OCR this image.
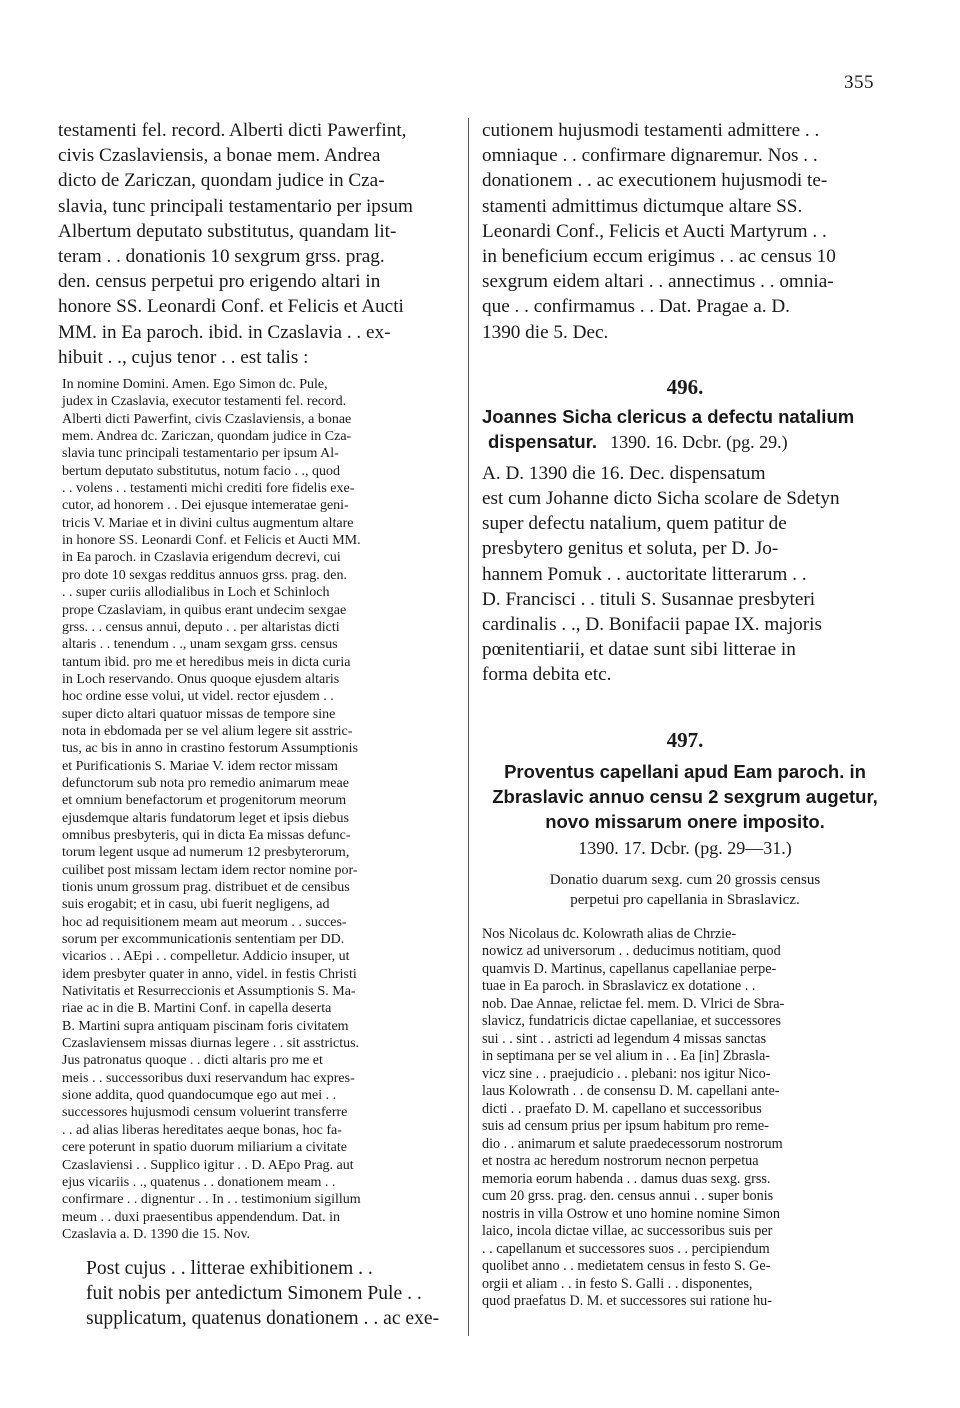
355
testamenti fel. record. Alberti dicti Pawerfint,
civis Czaslaviensis, a bonae mem. Andrea
dicto de Zariczan, quondam judice in Cza-
slavia, tunc principali testamentario per ipsum
Albertum deputato substitutus, quandam lit-
teram . . donationis 10 sexgrum grss. prag.
den. census perpetui pro erigendo altari in
honore SS. Leonardi Conf. et Felicis et Aucti
MM. in Ea paroch. ibid. in Czaslavia . . ex-
hibuit . ., cujus tenor . . est talis :
In nomine Domini. Amen. Ego Simon dc. Pule,
judex in Czaslavia, executor testamenti fel. record.
Alberti dicti Pawerfint, civis Czaslaviensis, a bonae
mem. Andrea dc. Zariczan, quondam judice in Cza-
slavia tunc principali testamentario per ipsum Al-
bertum deputato substitutus, notum facio . ., quod
. . volens . . testamenti michi crediti fore fidelis exe-
cutor, ad honorem . . Dei ejusque intemeratae geni-
tricis V. Mariae et in divini cultus augmentum altare
in honore SS. Leonardi Conf. et Felicis et Aucti MM.
in Ea paroch. in Czaslavia erigendum decrevi, cui
pro dote 10 sexgas redditus annuos grss. prag. den.
. . super curiis allodialibus in Loch et Schinloch
prope Czaslaviam, in quibus erant undecim sexgae
grss. . . census annui, deputo . . per altaristas dicti
altaris . . tenendum . ., unam sexgam grss. census
tantum ibid. pro me et heredibus meis in dicta curia
in Loch reservando. Onus quoque ejusdem altaris
hoc ordine esse volui, ut videl. rector ejusdem . .
super dicto altari quatuor missas de tempore sine
nota in ebdomada per se vel alium legere sit asstric-
tus, ac bis in anno in crastino festorum Assumptionis
et Purificationis S. Mariae V. idem rector missam
defunctorum sub nota pro remedio animarum meae
et omnium benefactorum et progenitorum meorum
ejusdemque altaris fundatorum leget et ipsis diebus
omnibus presbyteris, qui in dicta Ea missas defunc-
torum legent usque ad numerum 12 presbyterorum,
cuilibet post missam lectam idem rector nomine por-
tionis unum grossum prag. distribuet et de censibus
suis erogabit; et in casu, ubi fuerit negligens, ad
hoc ad requisitionem meam aut meorum . . succes-
sorum per excommunicationis sententiam per DD.
vicarios . . AEpi . . compelletur. Addicio insuper, ut
idem presbyter quater in anno, videl. in festis Christi
Nativitatis et Resurreccionis et Assumptionis S. Ma-
riae ac in die B. Martini Conf. in capella deserta
B. Martini supra antiquam piscinam foris civitatem
Czaslaviensem missas diurnas legere . . sit asstrictus.
Jus patronatus quoque . . dicti altaris pro me et
meis . . successoribus duxi reservandum hac expres-
sione addita, quod quandocumque ego aut mei . .
successores hujusmodi censum voluerint transferre
. . ad alias liberas hereditates aeque bonas, hoc fa-
cere poterunt in spatio duorum miliarium a civitate
Czaslaviensi . . Supplico igitur . . D. AEpo Prag. aut
ejus vicariis . ., quatenus . . donationem meam . .
confirmare . . dignentur . . In . . testimonium sigillum
meum . . duxi praesentibus appendendum. Dat. in
Czaslavia a. D. 1390 die 15. Nov.
Post cujus . . litterae exhibitionem . .
fuit nobis per antedictum Simonem Pule . .
supplicatum, quatenus donationem . . ac exe-
cutionem hujusmodi testamenti admittere . .
omniaque . . confirmare dignaremur. Nos . .
donationem . . ac executionem hujusmodi te-
stamenti admittimus dictumque altare SS.
Leonardi Conf., Felicis et Aucti Martyrum . .
in beneficium eccum erigimus . . ac census 10
sexgrum eidem altari . . annectimus . . omnia-
que . . confirmamus . . Dat. Pragae a. D.
1390 die 5. Dec.

496.

Joannes Sicha clericus a defectu natalium
dispensatur. 1390. 16. Dcbr. (pg. 29.)

A. D. 1390 die 16. Dec. dispensatum
est cum Johanne dicto Sicha scolare de Sdetyn
super defectu natalium, quem patitur de
presbytero genitus et soluta, per D. Jo-
hannem Pomuk . . auctoritate litterarum . .
D. Francisci . . tituli S. Susannae presbyteri
cardinalis . ., D. Bonifacii papae IX. majoris
pœnitentiarii, et datae sunt sibi litterae in
forma debita etc.

497.

Proventus capellani apud Eam paroch. in
Zbraslavic annuo censu 2 sexgrum augetur,
novo missarum onere imposito.

1390. 17. Dcbr. (pg. 29—31.)

Donatio duarum sexg. cum 20 grossis census
perpetui pro capellania in Sbraslavicz.

Nos Nicolaus dc. Kolowrath alias de Chrzie-
nowicz ad universorum . . deducimus notitiam, quod
quamvis D. Martinus, capellanus capellaniae perpe-
tuae in Ea paroch. in Sbraslavicz ex dotatione . .
nob. Dae Annae, relictae fel. mem. D. Vlrici de Sbra-
slavicz, fundatricis dictae capellaniae, et successores
sui . . sint . . astricti ad legendum 4 missas sanctas
in septimana per se vel alium in . . Ea [in] Zbrasla-
vicz sine . . praejudicio . . plebani: nos igitur Nico-
laus Kolowrath . . de consensu D. M. capellani ante-
dicti . . praefato D. M. capellano et successoribus
suis ad censum prius per ipsum habitum pro reme-
dio . . animarum et salute praedecessorum nostrorum
et nostra ac heredum nostrorum necnon perpetua
memoria eorum habenda . . damus duas sexg. grss.
cum 20 grss. prag. den. census annui . . super bonis
nostris in villa Ostrow et uno homine nomine Simon
laico, incola dictae villae, ac successoribus suis per
. . capellanum et successores suos . . percipiendum
quolibet anno . . medietatem census in festo S. Ge-
orgii et aliam . . in festo S. Galli . . disponentes,
quod praefatus D. M. et successores sui ratione hu-
